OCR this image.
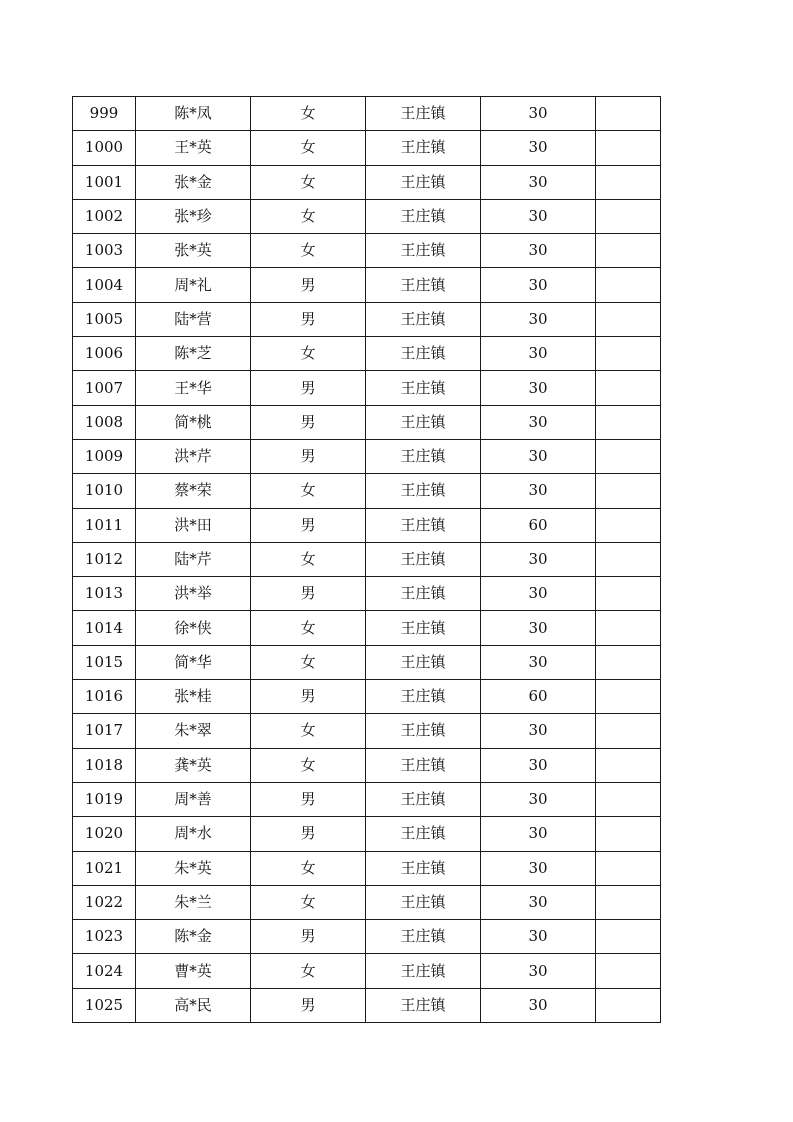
999	陈*凤	女	王庄镇	30	
1000	王*英	女	王庄镇	30	
1001	张*金	女	王庄镇	30	
1002	张*珍	女	王庄镇	30	
1003	张*英	女	王庄镇	30	
1004	周*礼	男	王庄镇	30	
1005	陆*营	男	王庄镇	30	
1006	陈*芝	女	王庄镇	30	
1007	王*华	男	王庄镇	30	
1008	简*桃	男	王庄镇	30	
1009	洪*芹	男	王庄镇	30	
1010	蔡*荣	女	王庄镇	30	
1011	洪*田	男	王庄镇	60	
1012	陆*芹	女	王庄镇	30	
1013	洪*举	男	王庄镇	30	
1014	徐*侠	女	王庄镇	30	
1015	简*华	女	王庄镇	30	
1016	张*桂	男	王庄镇	60	
1017	朱*翠	女	王庄镇	30	
1018	龚*英	女	王庄镇	30	
1019	周*善	男	王庄镇	30	
1020	周*水	男	王庄镇	30	
1021	朱*英	女	王庄镇	30	
1022	朱*兰	女	王庄镇	30	
1023	陈*金	男	王庄镇	30	
1024	曹*英	女	王庄镇	30	
1025	高*民	男	王庄镇	30	
